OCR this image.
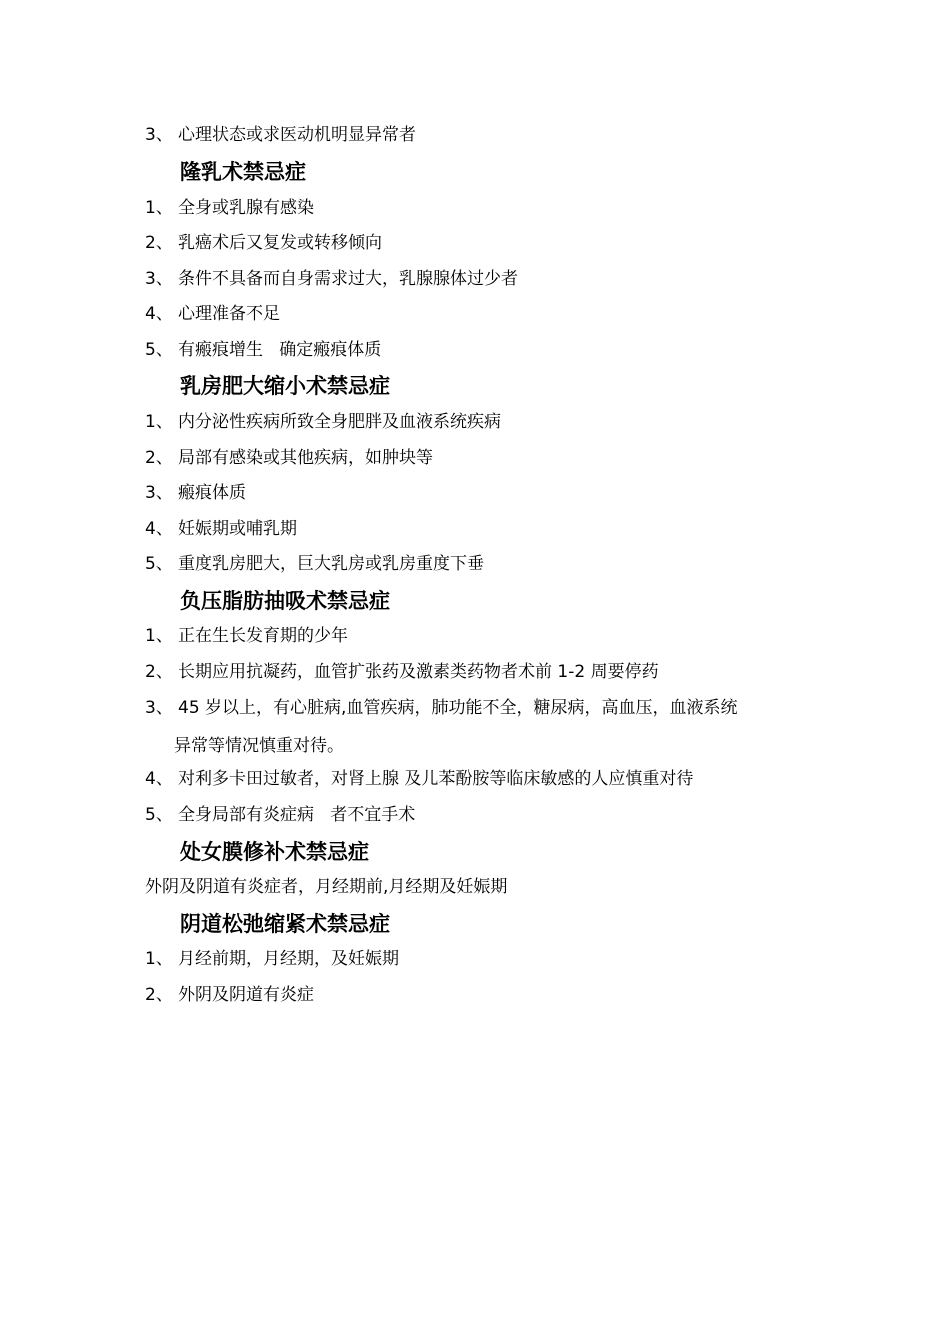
3、 心理状态或求医动机明显异常者
隆乳术禁忌症
1、 全身或乳腺有感染
2、 乳癌术后又复发或转移倾向
3、 条件不具备而自身需求过大，乳腺腺体过少者
4、 心理准备不足
5、 有瘢痕增生   确定瘢痕体质
乳房肥大缩小术禁忌症
1、 内分泌性疾病所致全身肥胖及血液系统疾病
2、 局部有感染或其他疾病，如肿块等
3、 瘢痕体质
4、 妊娠期或哺乳期
5、 重度乳房肥大，巨大乳房或乳房重度下垂
负压脂肪抽吸术禁忌症
1、 正在生长发育期的少年
2、 长期应用抗凝药，血管扩张药及激素类药物者术前 1-2 周要停药
3、 45 岁以上，有心脏病,血管疾病，肺功能不全，糖尿病，高血压，血液系统
异常等情况慎重对待。
4、 对利多卡田过敏者，对肾上腺 及儿苯酚胺等临床敏感的人应慎重对待
5、 全身局部有炎症病   者不宜手术
处女膜修补术禁忌症
外阴及阴道有炎症者，月经期前,月经期及妊娠期
阴道松弛缩紧术禁忌症
1、 月经前期，月经期，及妊娠期
2、 外阴及阴道有炎症
